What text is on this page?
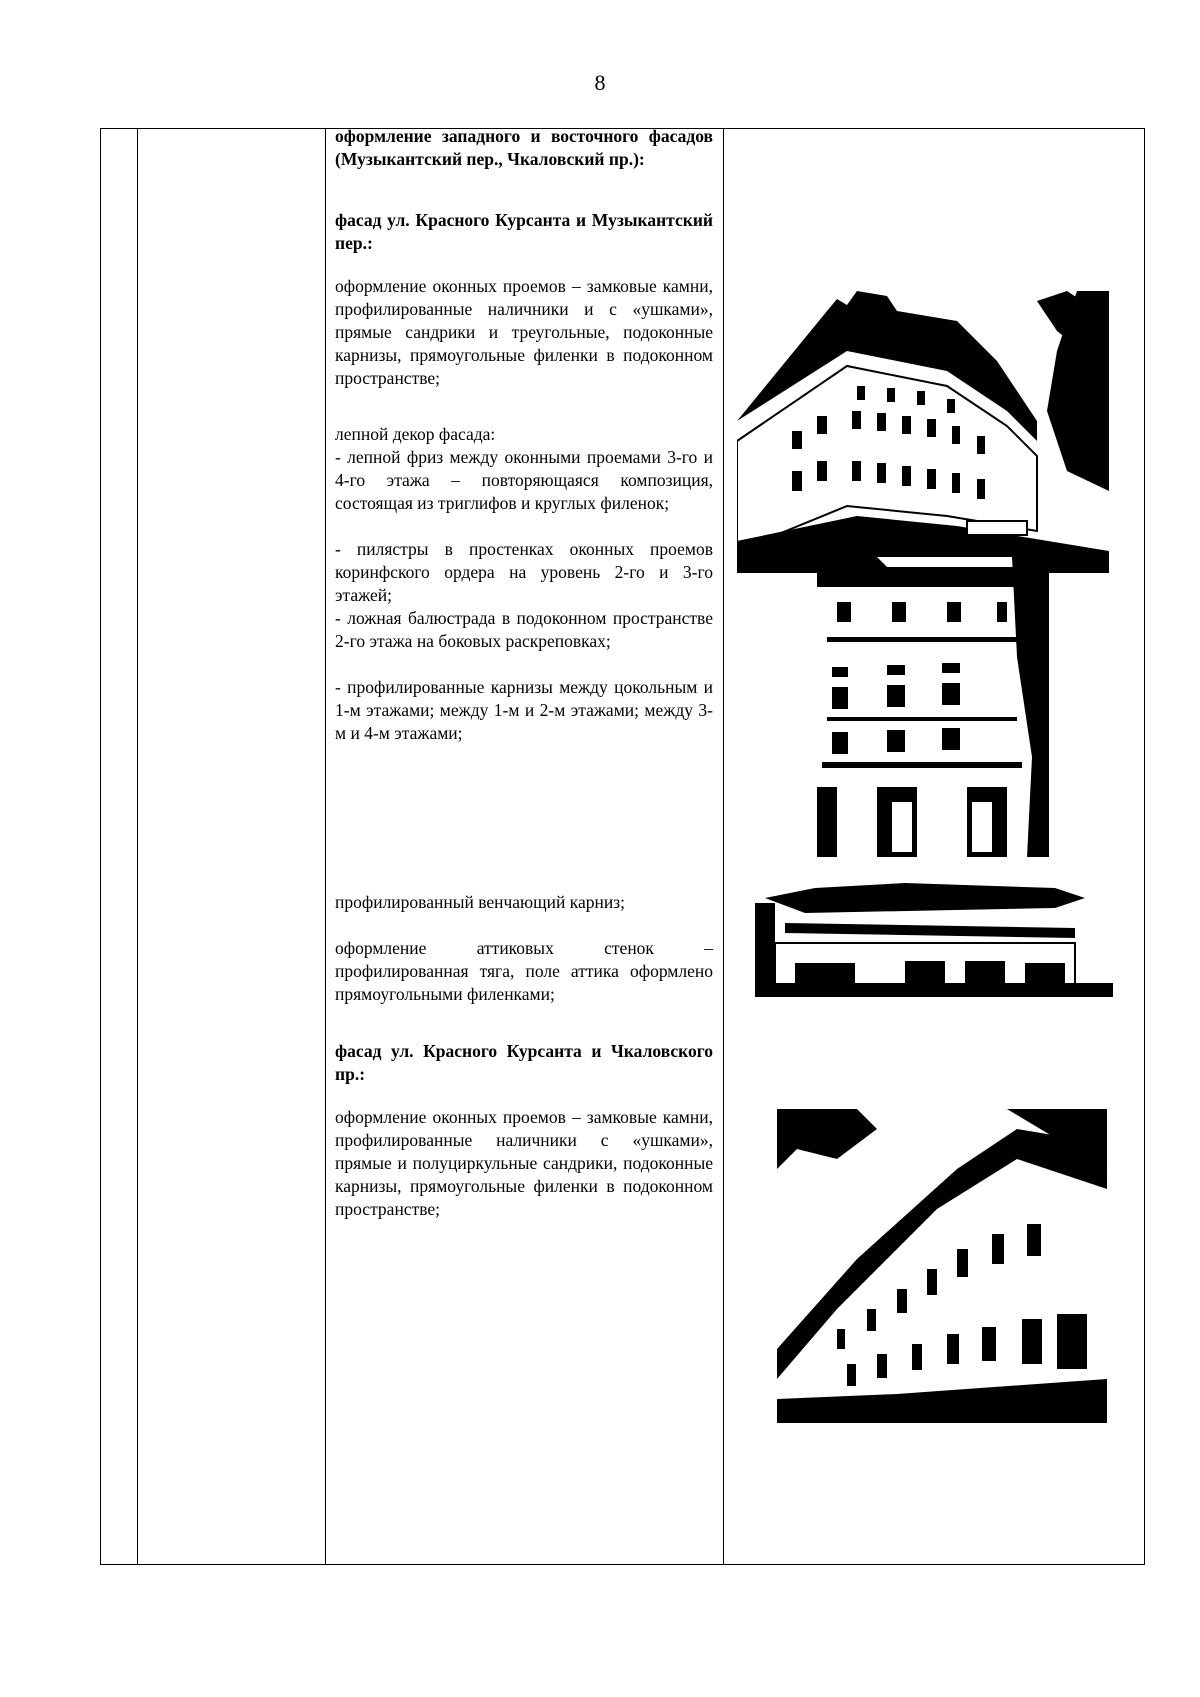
8

оформление западного и восточного фасадов (Музыкантский пер., Чкаловский пр.):

фасад ул. Красного Курсанта и Музыкантский пер.:

оформление оконных проемов – замковые камни, профилированные наличники и с «ушками», прямые сандрики и треугольные, подоконные карнизы, прямоугольные филенки в подоконном пространстве;

лепной декор фасада:

- лепной фриз между оконными проемами 3-го и 4-го этажа – повторяющаяся композиция, состоящая из триглифов и круглых филенок;

- пилястры в простенках оконных проемов коринфского ордера на уровень 2-го и 3-го этажей;

- ложная балюстрада в подоконном пространстве 2-го этажа на боковых раскреповках;

- профилированные карнизы между цокольным и 1-м этажами; между 1-м и 2-м этажами; между 3-м и 4-м этажами;

профилированный венчающий карниз;

оформление аттиковых стенок – профилированная тяга, поле аттика оформлено прямоугольными филенками;

фасад ул. Красного Курсанта и Чкаловского пр.:

оформление оконных проемов – замковые камни, профилированные наличники с «ушками», прямые и полуциркульные сандрики, подоконные карнизы, прямоугольные филенки в подоконном пространстве;
